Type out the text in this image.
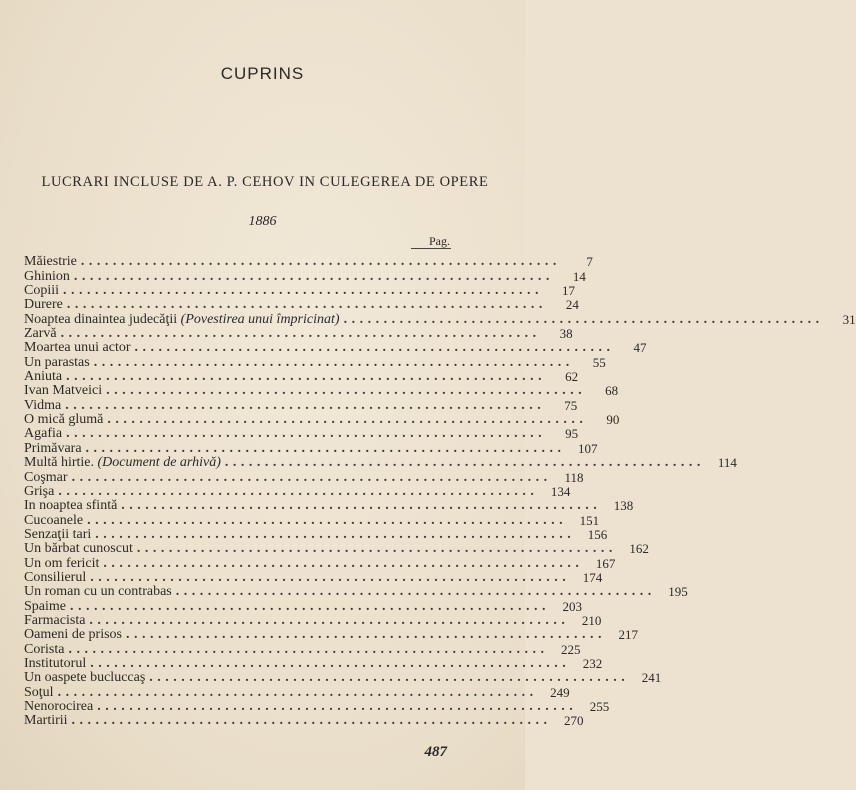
CUPRINS
LUCRARI INCLUSE DE A. P. CEHOV IN CULEGEREA DE OPERE
1886
Pag.
Măiestrie ............................................................	7
Ghinion ............................................................	14
Copiii ............................................................	17
Durere ............................................................	24
Noaptea dinaintea judecăţii (Povestirea unui împricinat) ............................................................	31
Zarvă ............................................................	38
Moartea unui actor ............................................................	47
Un parastas ............................................................	55
Aniuta ............................................................	62
Ivan Matveici ............................................................	68
Vidma ............................................................	75
O mică glumă ............................................................	90
Agafia ............................................................	95
Primăvara ............................................................ 107
Multă hirtie. (Document de arhivă) ............................................................ 114
Coşmar ............................................................ 118
Grişa ............................................................ 134
In noaptea sfintă ............................................................ 138
Cucoanele ............................................................ 151
Senzaţii tari ............................................................ 156
Un bărbat cunoscut ............................................................ 162
Un om fericit ............................................................ 167
Consilierul ............................................................ 174
Un roman cu un contrabas ............................................................ 195
Spaime ............................................................ 203
Farmacista ............................................................ 210
Oameni de prisos ............................................................ 217
Corista ............................................................ 225
Institutorul ............................................................ 232
Un oaspete bucluccaş ............................................................ 241
Soţul ............................................................ 249
Nenorocirea ............................................................ 255
Martirii ............................................................ 270
487
